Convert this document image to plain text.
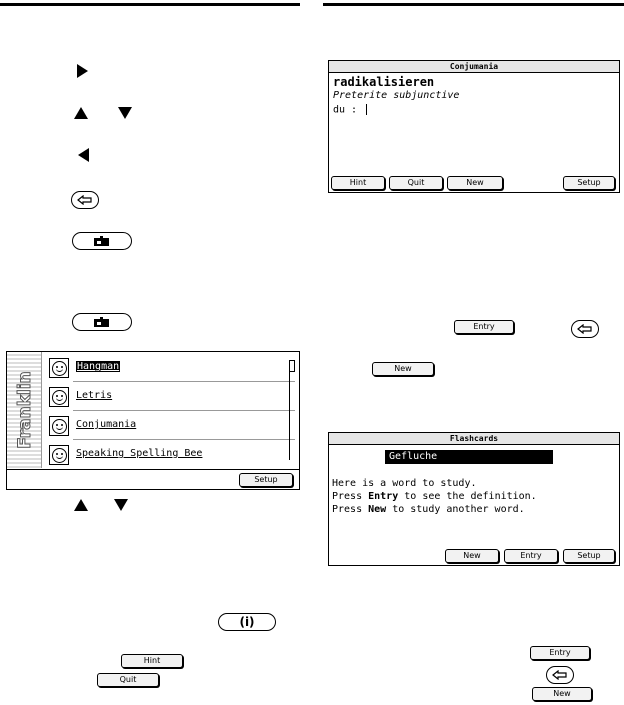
Franklin
Hangman
Letris
Conjumania
Speaking Spelling Bee
Setup
(i)
Hint
Quit
Conjumania
radikalisieren
Preterite subjunctive
du :
Hint	Quit	New	Setup
Entry
New
Flashcards
Gefluche
Here is a word to study.
Press Entry to see the definition.
Press New to study another word.
New	Entry	Setup
Entry
New
